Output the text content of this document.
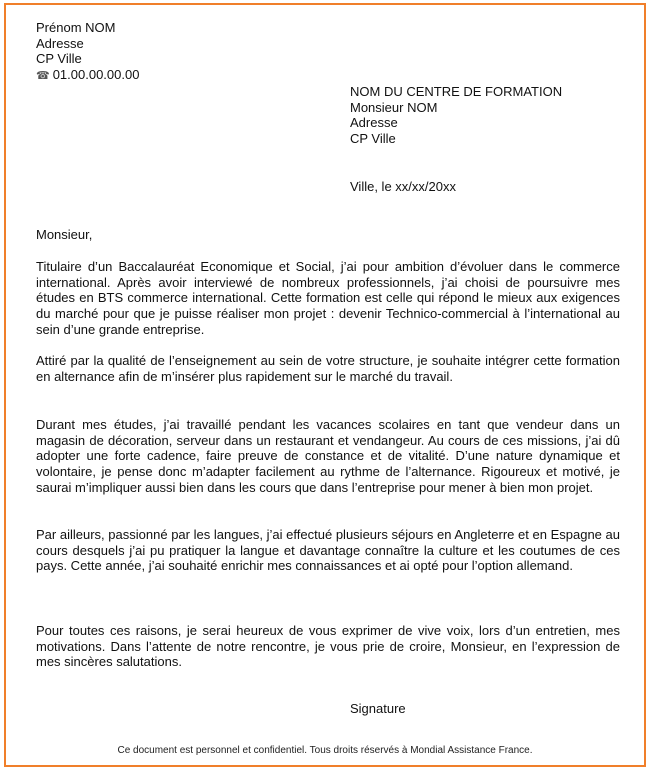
Prénom NOM
Adresse
CP Ville
☎ 01.00.00.00.00
NOM DU CENTRE DE FORMATION
Monsieur NOM
Adresse
CP Ville
Ville, le xx/xx/20xx
Monsieur,

Titulaire d’un Baccalauréat Economique et Social, j’ai pour ambition d’évoluer dans le commerce international. Après avoir interviewé de nombreux professionnels, j’ai choisi de poursuivre mes études en BTS commerce international. Cette formation est celle qui répond le mieux aux exigences du marché pour que je puisse réaliser mon projet : devenir Technico-commercial à l’international au sein d’une grande entreprise.

Attiré par la qualité de l’enseignement au sein de votre structure, je souhaite intégrer cette formation en alternance afin de m’insérer plus rapidement sur le marché du travail.

Durant mes études, j’ai travaillé pendant les vacances scolaires en tant que vendeur dans un magasin de décoration, serveur dans un restaurant et vendangeur. Au cours de ces missions, j’ai dû adopter une forte cadence, faire preuve de constance et de vitalité. D’une nature dynamique et volontaire, je pense donc m’adapter facilement au rythme de l’alternance. Rigoureux et motivé, je saurai m’impliquer aussi bien dans les cours que dans l’entreprise pour mener à bien mon projet.

Par ailleurs, passionné par les langues, j’ai effectué plusieurs séjours en Angleterre et en Espagne au cours desquels j’ai pu pratiquer la langue et davantage connaître la culture et les coutumes de ces pays. Cette année, j’ai souhaité enrichir mes connaissances et ai opté pour l’option allemand.

Pour toutes ces raisons, je serai heureux de vous exprimer de vive voix, lors d’un entretien, mes motivations. Dans l’attente de notre rencontre, je vous prie de croire, Monsieur, en l’expression de mes sincères salutations.

Signature
Ce document est personnel et confidentiel. Tous droits réservés à Mondial Assistance France.
